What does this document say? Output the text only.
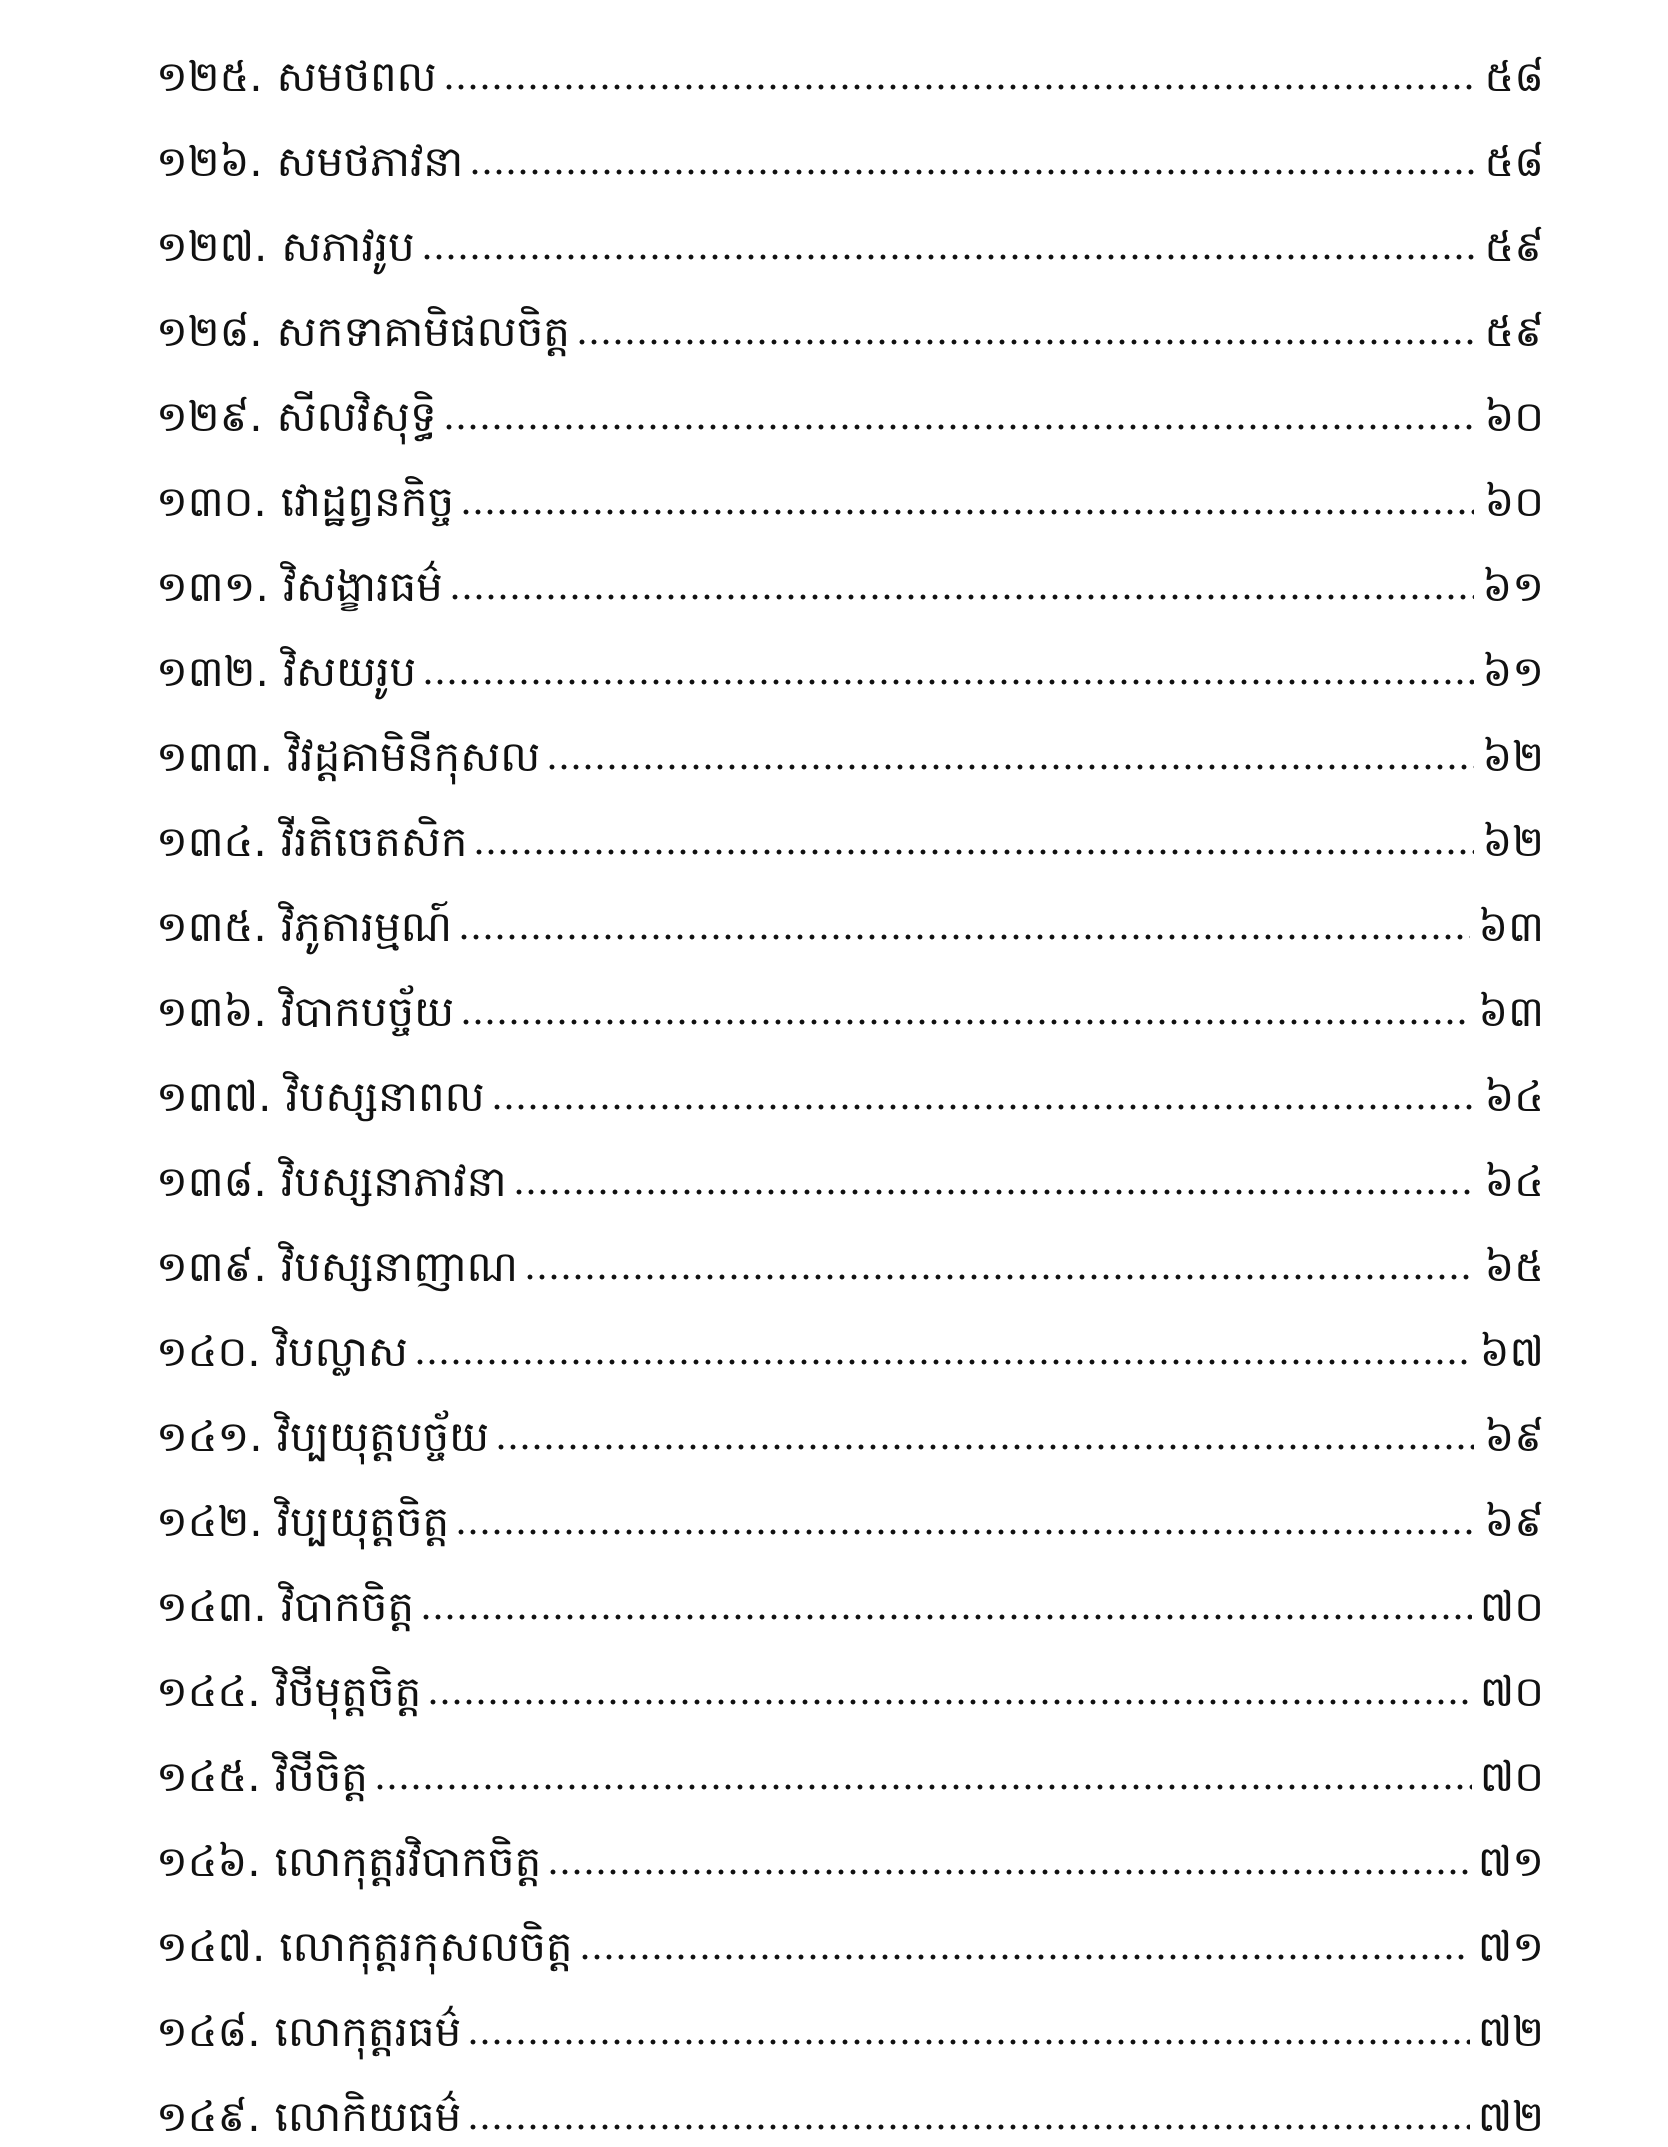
១២៥. សមថពល	៥៨
១២៦. សមថភាវនា	៥៨
១២៧. សភាវរូប	៥៩
១២៨. សកទាគាមិផលចិត្ត	៥៩
១២៩. សីលវិសុទ្ធិ	៦០
១៣០. វោដ្ឋព្វនកិច្ច	៦០
១៣១. វិសង្ខារធម៌	៦១
១៣២. វិសយរូប	៦១
១៣៣. វិវដ្តគាមិនីកុសល	៦២
១៣៤. វីរតិចេតសិក	៦២
១៣៥. វិភូតារម្មណ៍	៦៣
១៣៦. វិបាកបច្ច័យ	៦៣
១៣៧. វិបស្សនាពល	៦៤
១៣៨. វិបស្សនាភាវនា	៦៤
១៣៩. វិបស្សនាញាណ	៦៥
១៤០. វិបល្លាស	៦៧
១៤១. វិប្បយុត្តបច្ច័យ	៦៩
១៤២. វិប្បយុត្តចិត្ត	៦៩
១៤៣. វិបាកចិត្ត	៧០
១៤៤. វិថីមុត្តចិត្ត	៧០
១៤៥. វិថីចិត្ត	៧០
១៤៦. លោកុត្តរវិបាកចិត្ត	៧១
១៤៧. លោកុត្តរកុសលចិត្ត	៧១
១៤៨. លោកុត្តរធម៌	៧២
១៤៩. លោកិយធម៌	៧២
